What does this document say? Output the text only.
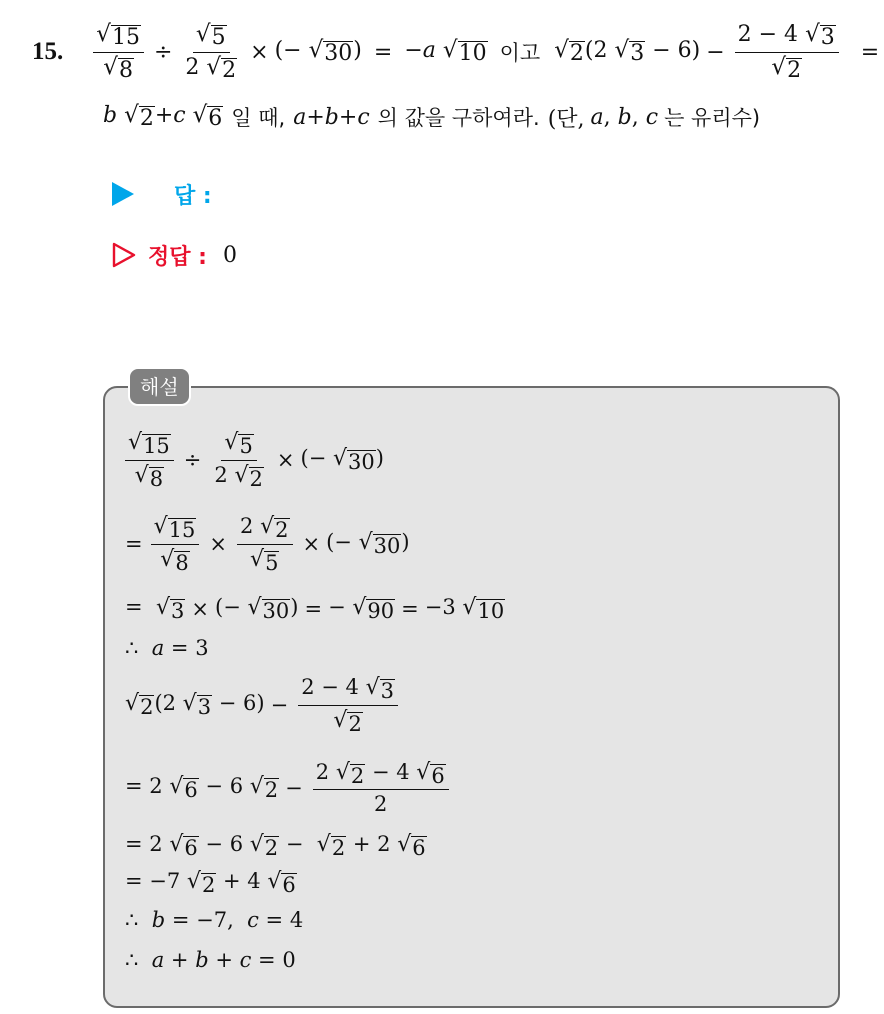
15. $\frac{√ 15}{√ 8} \div \frac{√ 5}{2 √ 2}$ × (− √ 30 ) = −a √ 10 이고 √ 2 (2 √ $3 - 6) - \frac{2 - 4 √ 3}{√ 2}$ =
b √ 2 +c √ 6 일 때, a+b+c 의 값을 구하여라. (단, a, b, c 는 유리수)
답 :
정답 : 0
해설
$\frac{√ 15}{√ 8} \div \frac{√ 5}{2 √ 2}$ × (− √ 30 )
= $\frac{√ 15}{√ 8} \times \frac{2 √ 2}{√ 5}$ × (− √ 30 )
= √ 3 × (− √ 30 ) = − √ 90 = −3 √ 10
∴  a = 3
√ 2 (2 √ $3 - 6) - \frac{2 - 4 √ 3}{√ 2}$
= 2 √ 6 − 6 √ $2 - \frac{2 √ 2 - 4 √ 6}{2}$
= 2 √ 6 − 6 √ 2 − √ 2 + 2 √ 6
= −7 √ 2 + 4 √ 6
∴  b = −7,  c = 4
∴  a + b + c = 0
